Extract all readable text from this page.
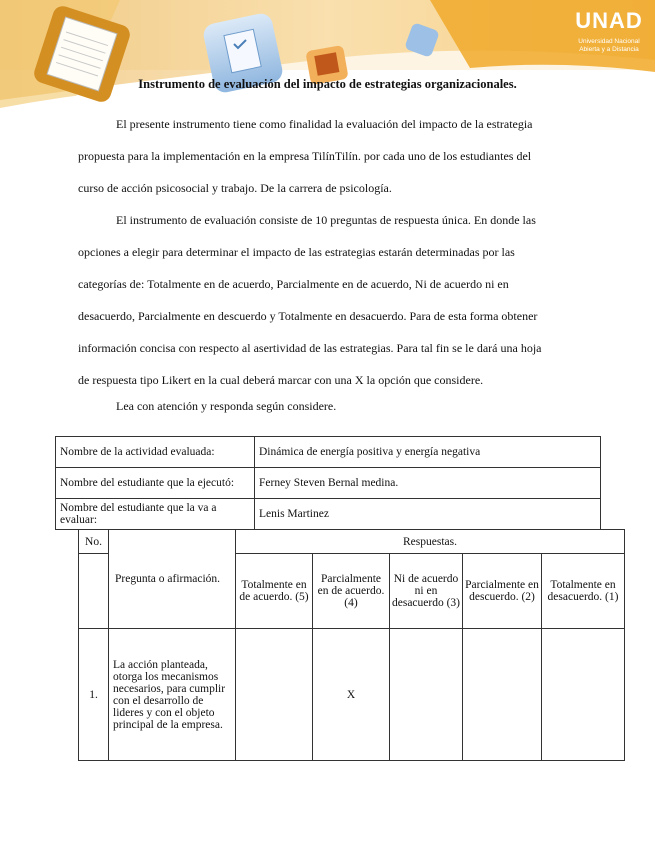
UNAD
Universidad Nacional
Abierta y a Distancia
Instrumento de evaluación del impacto de estrategias organizacionales.

El presente instrumento tiene como finalidad la evaluación del impacto de la estrategia
propuesta para la implementación en la empresa TilínTilín. por cada uno de los estudiantes del
curso de acción psicosocial y trabajo. De la carrera de psicología.

El instrumento de evaluación consiste de 10 preguntas de respuesta única. En donde las
opciones a elegir para determinar el impacto de las estrategias estarán determinadas por las
categorías de: Totalmente en de acuerdo, Parcialmente en de acuerdo, Ni de acuerdo ni en
desacuerdo, Parcialmente en descuerdo y Totalmente en desacuerdo. Para de esta forma obtener
información concisa con respecto al asertividad de las estrategias. Para tal fin se le dará una hoja
de respuesta tipo Likert en la cual deberá marcar con una X la opción que considere.

Lea con atención y responda según considere.

Nombre de la actividad evaluada:	Dinámica de energía positiva y energía negativa
Nombre del estudiante que la ejecutó:	Ferney Steven Bernal medina.
Nombre del estudiante que la va a evaluar:	Lenis Martinez
No.	Pregunta o afirmación.	Respuestas.				
		Totalmente en de acuerdo. (5)	Parcialmente en de acuerdo. (4)	Ni de acuerdo ni en desacuerdo (3)	Parcialmente en descuerdo. (2)	Totalmente en desacuerdo. (1)
1.	La acción planteada, otorga los mecanismos necesarios, para cumplir con el desarrollo de lideres y con el objeto principal de la empresa.		X			
